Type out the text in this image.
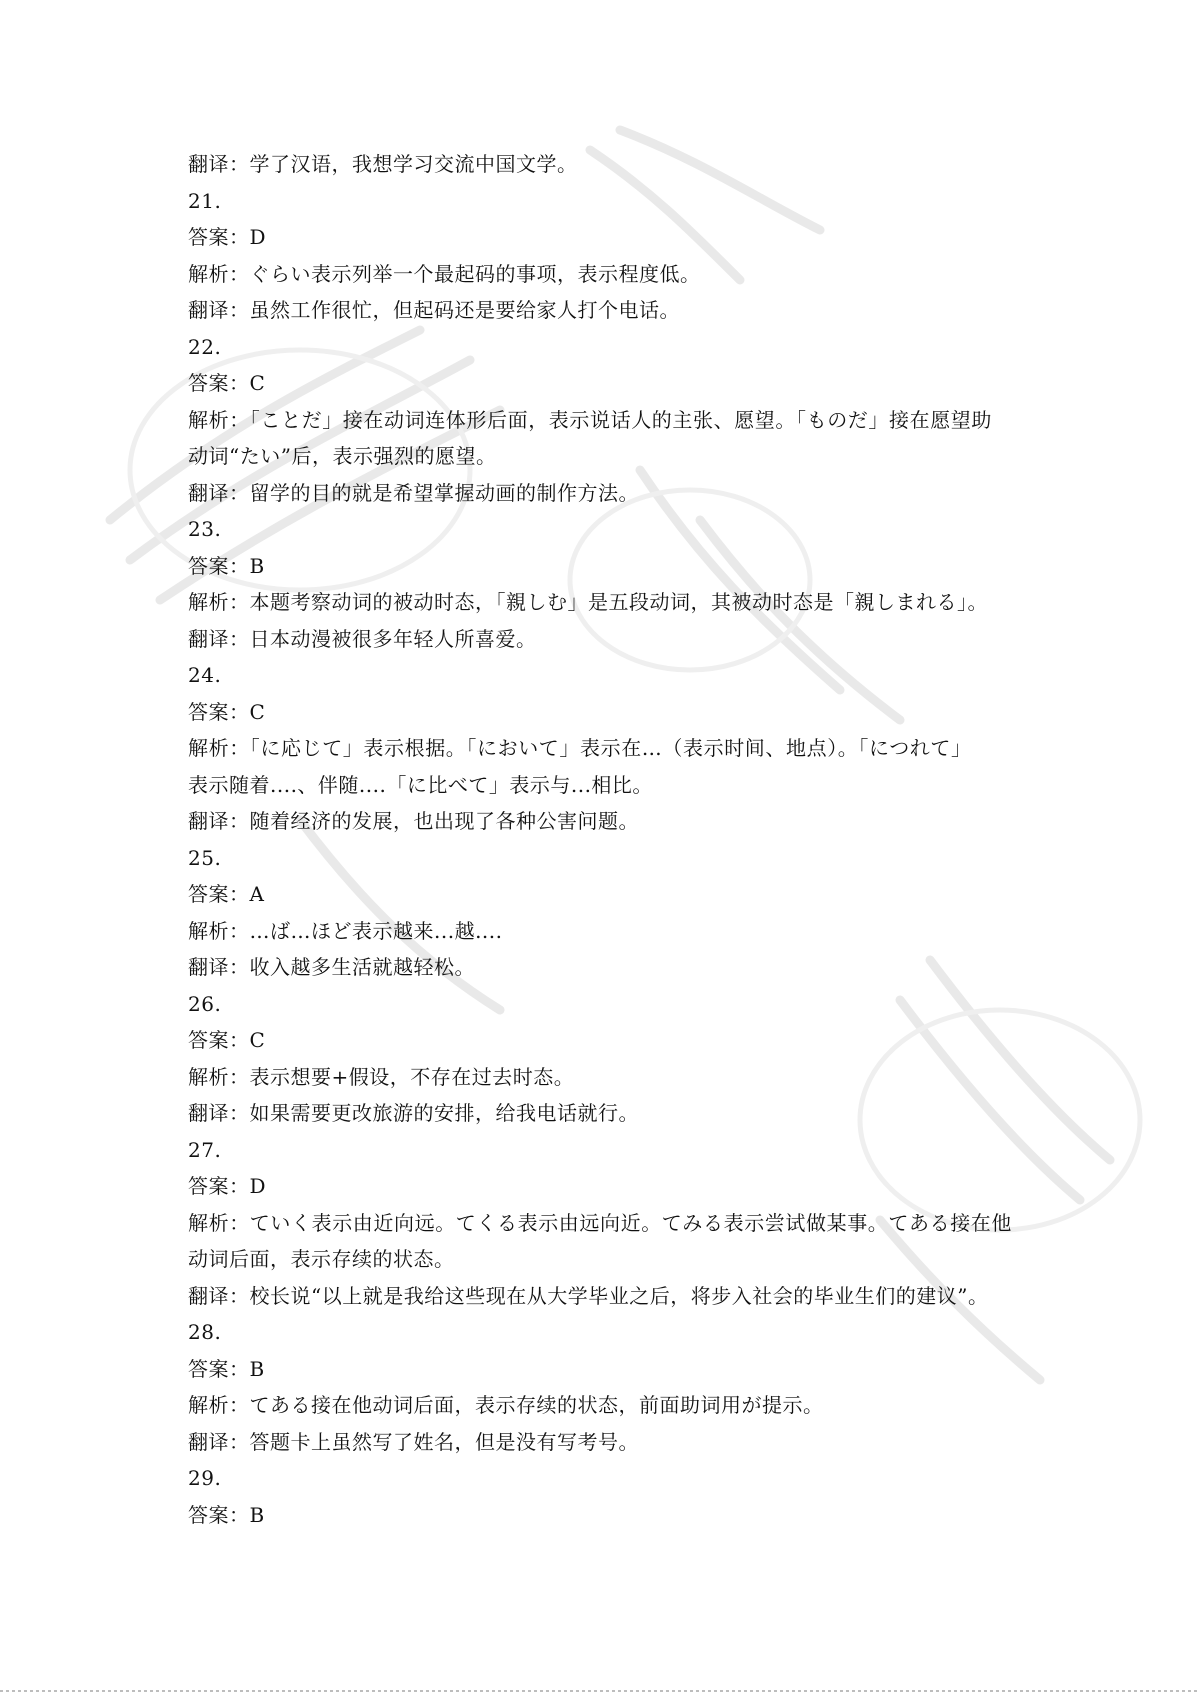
翻译：学了汉语，我想学习交流中国文学。
21.
答案：D
解析：ぐらい表示列举一个最起码的事项，表示程度低。
翻译：虽然工作很忙，但起码还是要给家人打个电话。
22.
答案：C
解析：「ことだ」接在动词连体形后面，表示说话人的主张、愿望。「ものだ」接在愿望助
动词“たい”后，表示强烈的愿望。
翻译：留学的目的就是希望掌握动画的制作方法。
23.
答案：B
解析：本题考察动词的被动时态，「親しむ」是五段动词，其被动时态是「親しまれる」。
翻译：日本动漫被很多年轻人所喜爱。
24.
答案：C
解析：「に応じて」表示根据。「において」表示在…（表示时间、地点）。「につれて」
表示随着....、伴随....「に比べて」表示与...相比。
翻译：随着经济的发展，也出现了各种公害问题。
25.
答案：A
解析：…ば…ほど表示越来...越....
翻译：收入越多生活就越轻松。
26.
答案：C
解析：表示想要+假设，不存在过去时态。
翻译：如果需要更改旅游的安排，给我电话就行。
27.
答案：D
解析：ていく表示由近向远。てくる表示由远向近。てみる表示尝试做某事。てある接在他
动词后面，表示存续的状态。
翻译：校长说“以上就是我给这些现在从大学毕业之后，将步入社会的毕业生们的建议”。
28.
答案：B
解析：てある接在他动词后面，表示存续的状态，前面助词用が提示。
翻译：答题卡上虽然写了姓名，但是没有写考号。
29.
答案：B
